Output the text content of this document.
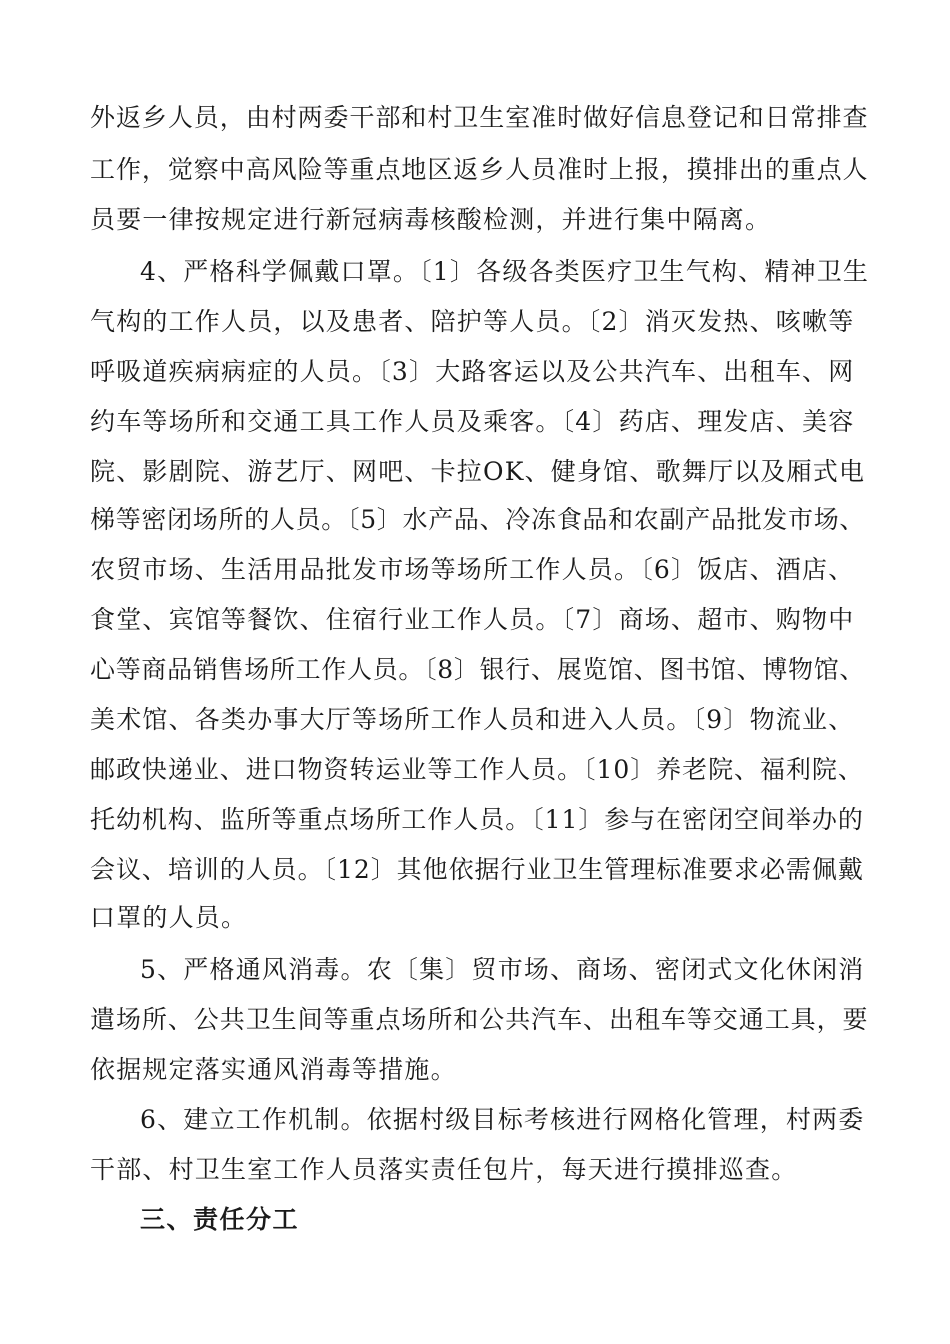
外返乡人员，由村两委干部和村卫生室准时做好信息登记和日常排查
工作，觉察中高风险等重点地区返乡人员准时上报，摸排出的重点人
员要一律按规定进行新冠病毒核酸检测，并进行集中隔离。
4、严格科学佩戴口罩。〔1〕各级各类医疗卫生气构、精神卫生
气构的工作人员，以及患者、陪护等人员。〔2〕消灭发热、咳嗽等
呼吸道疾病病症的人员。〔3〕大路客运以及公共汽车、出租车、网
约车等场所和交通工具工作人员及乘客。〔4〕药店、理发店、美容
院、影剧院、游艺厅、网吧、卡拉OK、健身馆、歌舞厅以及厢式电
梯等密闭场所的人员。〔5〕水产品、冷冻食品和农副产品批发市场、
农贸市场、生活用品批发市场等场所工作人员。〔6〕饭店、酒店、
食堂、宾馆等餐饮、住宿行业工作人员。〔7〕商场、超市、购物中
心等商品销售场所工作人员。〔8〕银行、展览馆、图书馆、博物馆、
美术馆、各类办事大厅等场所工作人员和进入人员。〔9〕物流业、
邮政快递业、进口物资转运业等工作人员。〔10〕养老院、福利院、
托幼机构、监所等重点场所工作人员。〔11〕参与在密闭空间举办的
会议、培训的人员。〔12〕其他依据行业卫生管理标准要求必需佩戴
口罩的人员。
5、严格通风消毒。农〔集〕贸市场、商场、密闭式文化休闲消
遣场所、公共卫生间等重点场所和公共汽车、出租车等交通工具，要
依据规定落实通风消毒等措施。
6、建立工作机制。依据村级目标考核进行网格化管理，村两委
干部、村卫生室工作人员落实责任包片，每天进行摸排巡查。
三、责任分工
